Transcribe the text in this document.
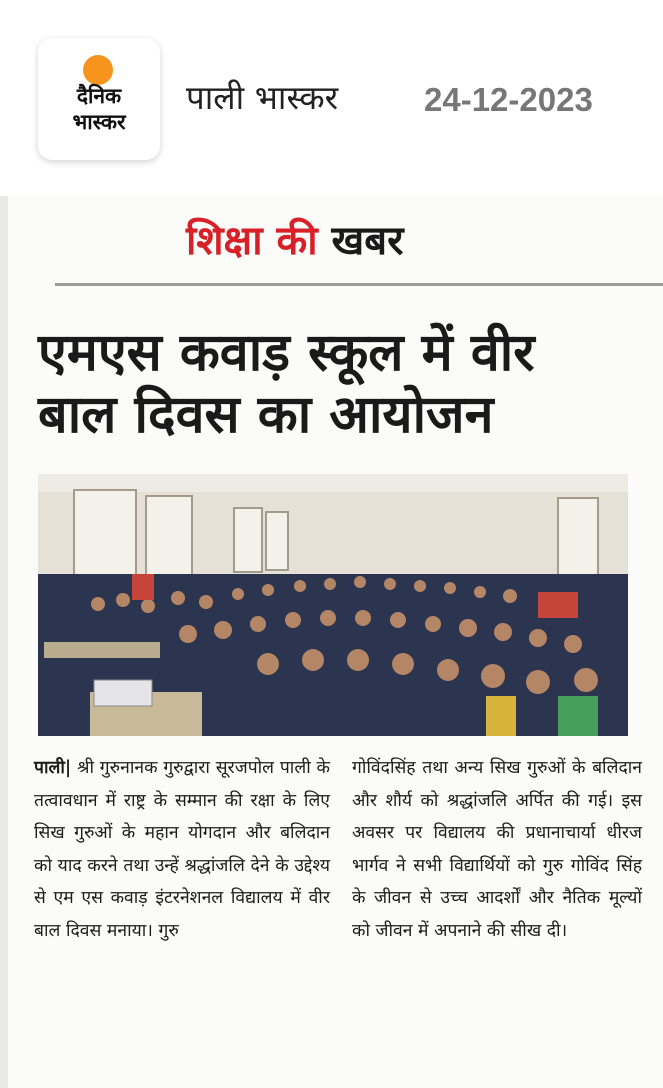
दैनिक
भास्कर
पाली भास्कर	24-12-2023
शिक्षा की खबर
एमएस कवाड़ स्कूल में वीर
बाल दिवस का आयोजन

पाली| श्री गुरुनानक गुरुद्वारा सूरजपोल पाली के तत्वावधान में राष्ट्र के सम्मान की रक्षा के लिए सिख गुरुओं के महान योगदान और बलिदान को याद करने तथा उन्हें श्रद्धांजलि देने के उद्देश्य से एम एस कवाड़ इंटरनेशनल विद्यालय में वीर बाल दिवस मनाया। गुरु

गोविंदसिंह तथा अन्य सिख गुरुओं के बलिदान और शौर्य को श्रद्धांजलि अर्पित की गई। इस अवसर पर विद्यालय की प्रधानाचार्या धीरज भार्गव ने सभी विद्यार्थियों को गुरु गोविंद सिंह के जीवन से उच्च आदर्शों और नैतिक मूल्यों को जीवन में अपनाने की सीख दी।
